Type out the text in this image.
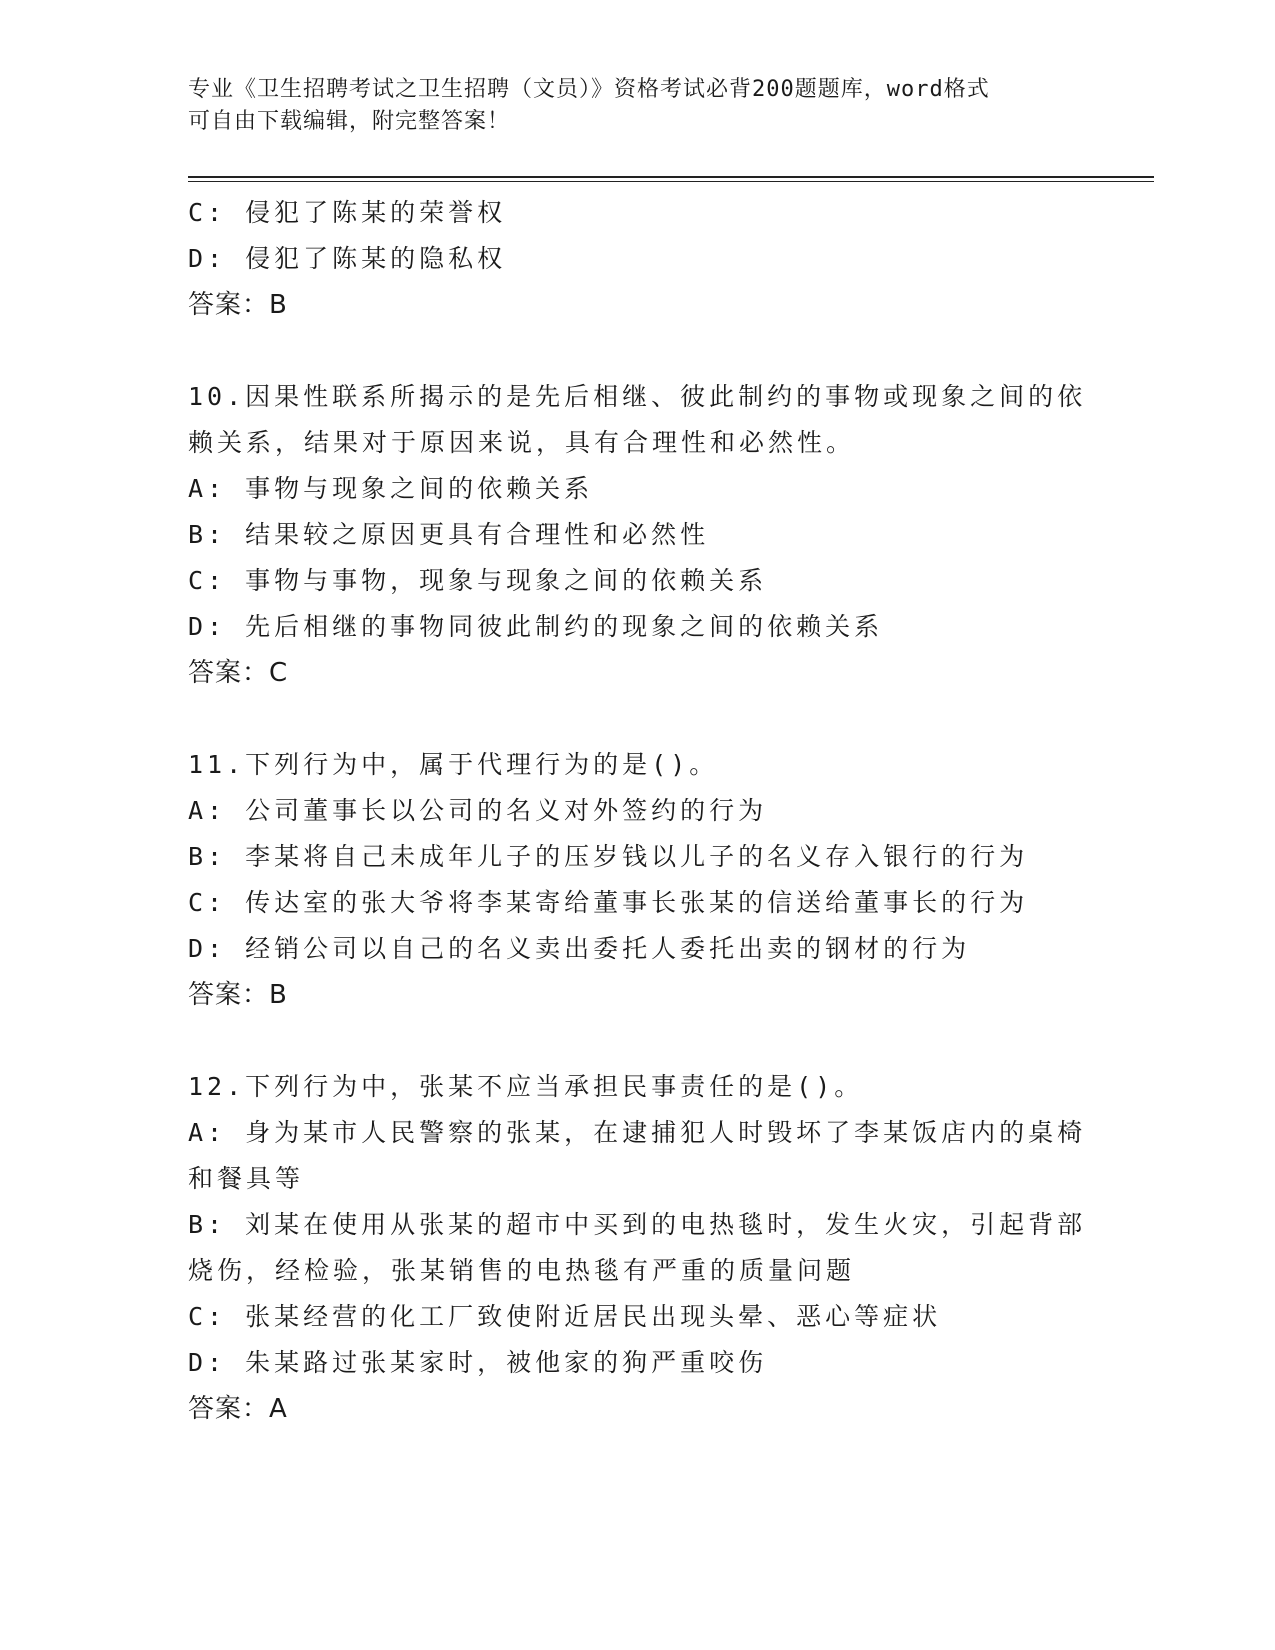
专业《卫生招聘考试之卫生招聘（文员）》资格考试必背200题题库，word格式
可自由下载编辑，附完整答案！
C: 侵犯了陈某的荣誉权
D: 侵犯了陈某的隐私权
答案：B
10.因果性联系所揭示的是先后相继、彼此制约的事物或现象之间的依
赖关系，结果对于原因来说，具有合理性和必然性。
A: 事物与现象之间的依赖关系
B: 结果较之原因更具有合理性和必然性
C: 事物与事物，现象与现象之间的依赖关系
D: 先后相继的事物同彼此制约的现象之间的依赖关系
答案：C
11.下列行为中，属于代理行为的是()。
A: 公司董事长以公司的名义对外签约的行为
B: 李某将自己未成年儿子的压岁钱以儿子的名义存入银行的行为
C: 传达室的张大爷将李某寄给董事长张某的信送给董事长的行为
D: 经销公司以自己的名义卖出委托人委托出卖的钢材的行为
答案：B
12.下列行为中，张某不应当承担民事责任的是()。
A: 身为某市人民警察的张某，在逮捕犯人时毁坏了李某饭店内的桌椅
和餐具等
B: 刘某在使用从张某的超市中买到的电热毯时，发生火灾，引起背部
烧伤，经检验，张某销售的电热毯有严重的质量问题
C: 张某经营的化工厂致使附近居民出现头晕、恶心等症状
D: 朱某路过张某家时，被他家的狗严重咬伤
答案：A
